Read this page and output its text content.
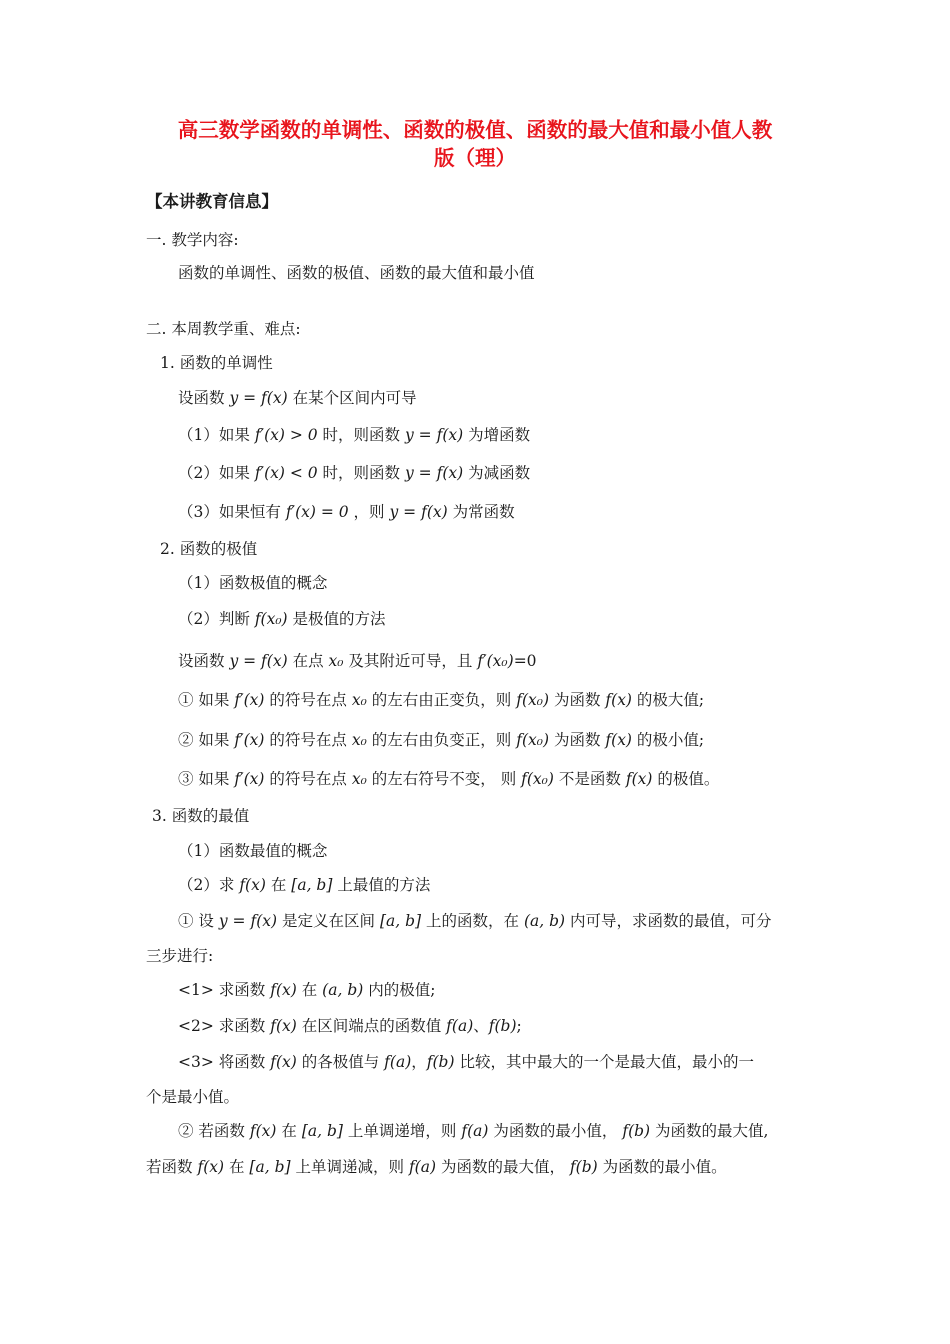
高三数学函数的单调性、函数的极值、函数的最大值和最小值人教
版（理）
【本讲教育信息】
一. 教学内容:
函数的单调性、函数的极值、函数的最大值和最小值
二. 本周教学重、难点:
1. 函数的单调性
设函数 y = f(x) 在某个区间内可导
（1）如果 f′(x) > 0 时，则函数 y = f(x) 为增函数
（2）如果 f′(x) < 0 时，则函数 y = f(x) 为减函数
（3）如果恒有 f′(x) = 0 ，则 y = f(x) 为常函数
2. 函数的极值
（1）函数极值的概念
（2）判断 f(x₀) 是极值的方法
设函数 y = f(x) 在点 x₀ 及其附近可导，且 f′(x₀)=0
① 如果 f′(x) 的符号在点 x₀ 的左右由正变负，则 f(x₀) 为函数 f(x) 的极大值;
② 如果 f′(x) 的符号在点 x₀ 的左右由负变正，则 f(x₀) 为函数 f(x) 的极小值;
③ 如果 f′(x) 的符号在点 x₀ 的左右符号不变， 则 f(x₀) 不是函数 f(x) 的极值。
3. 函数的最值
（1）函数最值的概念
（2）求 f(x) 在 [a, b] 上最值的方法
① 设 y = f(x) 是定义在区间 [a, b] 上的函数，在 (a, b) 内可导，求函数的最值，可分
三步进行:
<1> 求函数 f(x) 在 (a, b) 内的极值;
<2> 求函数 f(x) 在区间端点的函数值 f(a)、f(b);
<3> 将函数 f(x) 的各极值与 f(a)，f(b) 比较，其中最大的一个是最大值，最小的一
个是最小值。
② 若函数 f(x) 在 [a, b] 上单调递增，则 f(a) 为函数的最小值， f(b) 为函数的最大值,
若函数 f(x) 在 [a, b] 上单调递减，则 f(a) 为函数的最大值， f(b) 为函数的最小值。
